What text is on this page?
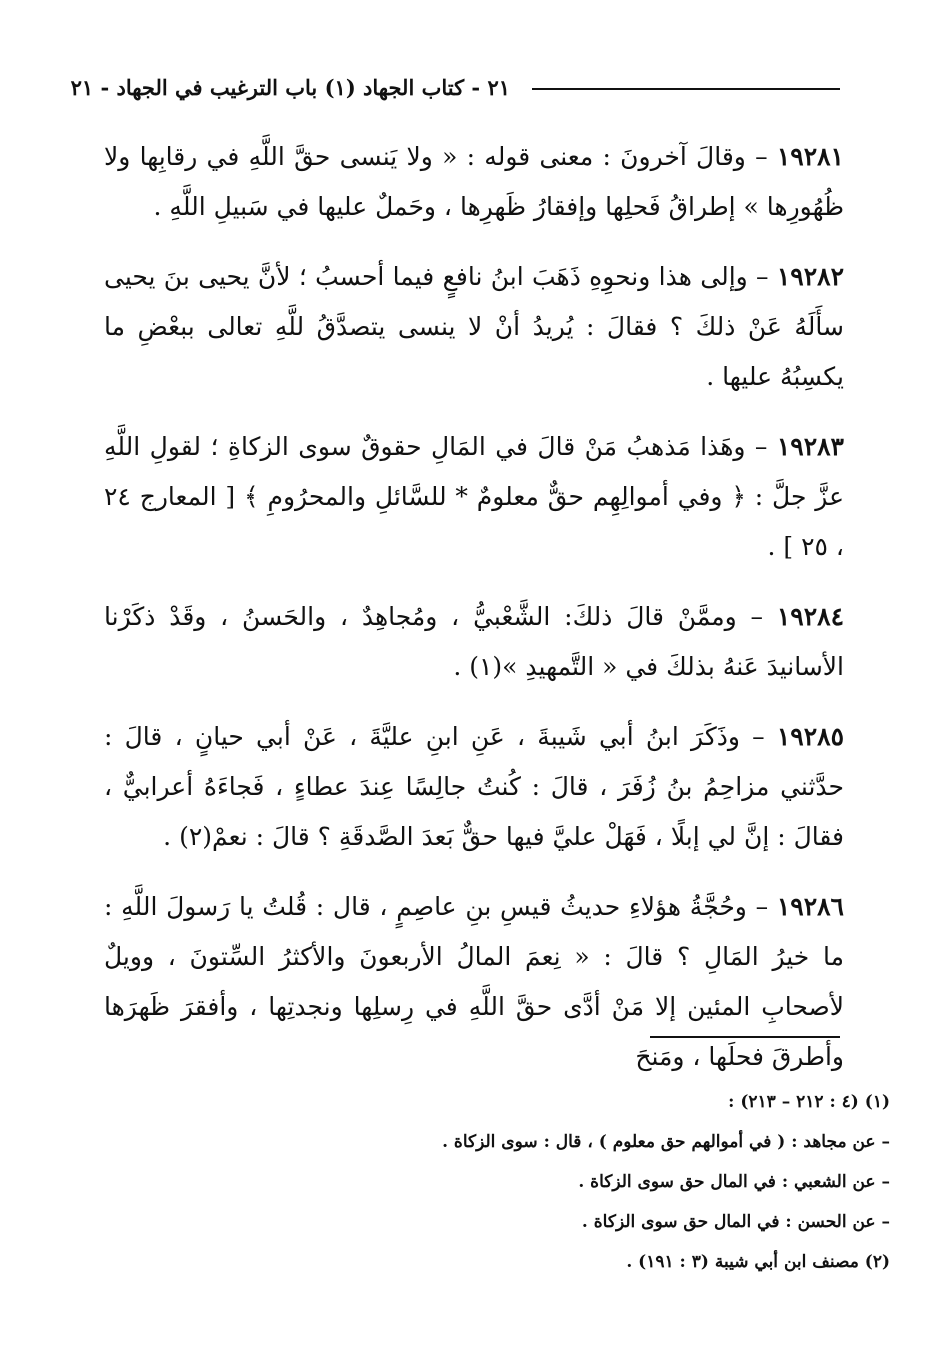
٢١ - كتاب الجهاد (١) باب الترغيب في الجهاد - ٢١

١٩٢٨١ – وقالَ آخرونَ : معنى قوله : « ولا يَنسى حقَّ اللَّهِ في رقابِها ولا ظُهُورِها » إطراقُ فَحلِها وإفقارُ ظَهرِها ، وحَملٌ عليها في سَبيلِ اللَّهِ .

١٩٢٨٢ – وإلى هذا ونحوِهِ ذَهَبَ ابنُ نافعٍ فيما أحسبُ ؛ لأنَّ يحيى بنَ يحيى سأَلَهُ عَنْ ذلكَ ؟ فقالَ : يُريدُ أنْ لا ينسى يتصدَّقُ للَّهِ تعالى ببعْضِ ما يكسِبُهُ عليها .

١٩٢٨٣ – وهَذا مَذهبُ مَنْ قالَ في المَالِ حقوقٌ سوى الزكاةِ ؛ لقولِ اللَّهِ عزَّ جلَّ : ﴿ وفي أموالِهِم حقٌّ معلومٌ * للسَّائلِ والمحرُومِ ﴾ [ المعارج ٢٤ ، ٢٥ ] .

١٩٢٨٤ – وممَّنْ قالَ ذلكَ: الشَّعْبيُّ ، ومُجاهِدٌ ، والحَسنُ ، وقَدْ ذكَرْنا الأسانيدَ عَنهُ بذلكَ في « التَّمهيدِ »(١) .

١٩٢٨٥ – وذَكَرَ ابنُ أبي شَيبةَ ، عَنِ ابنِ عليَّةَ ، عَنْ أبي حيانٍ ، قالَ : حدَّثني مزاحِمُ بنُ زُفَرَ ، قالَ : كُنتُ جالِسًا عِندَ عطاءٍ ، فَجاءَهُ أعرابيٌّ ، فقالَ : إنَّ لي إبلًا ، فَهَلْ عليَّ فيها حقٌّ بَعدَ الصَّدقَةِ ؟ قالَ : نعمْ(٢) .

١٩٢٨٦ – وحُجَّةُ هؤلاءِ حديثُ قيسِ بنِ عاصِمٍ ، قال : قُلتُ يا رَسولَ اللَّهِ : ما خيرُ المَالِ ؟ قالَ : « نِعمَ المالُ الأربعونَ والأكثرُ السِّتونَ ، وويلٌ لأصحابِ المئين إلا مَنْ أدَّى حقَّ اللَّهِ في رِسلِها ونجدتِها ، وأفقرَ ظَهرَها وأطرقَ فحلَها ، ومَنحَ

(١) (٤ : ٢١٢ – ٢١٣) :

– عن مجاهد : ( في أموالهم حق معلوم ) ، قال : سوى الزكاة .

– عن الشعبي : في المال حق سوى الزكاة .

– عن الحسن : في المال حق سوى الزكاة .

(٢) مصنف ابن أبي شيبة (٣ : ١٩١) .
